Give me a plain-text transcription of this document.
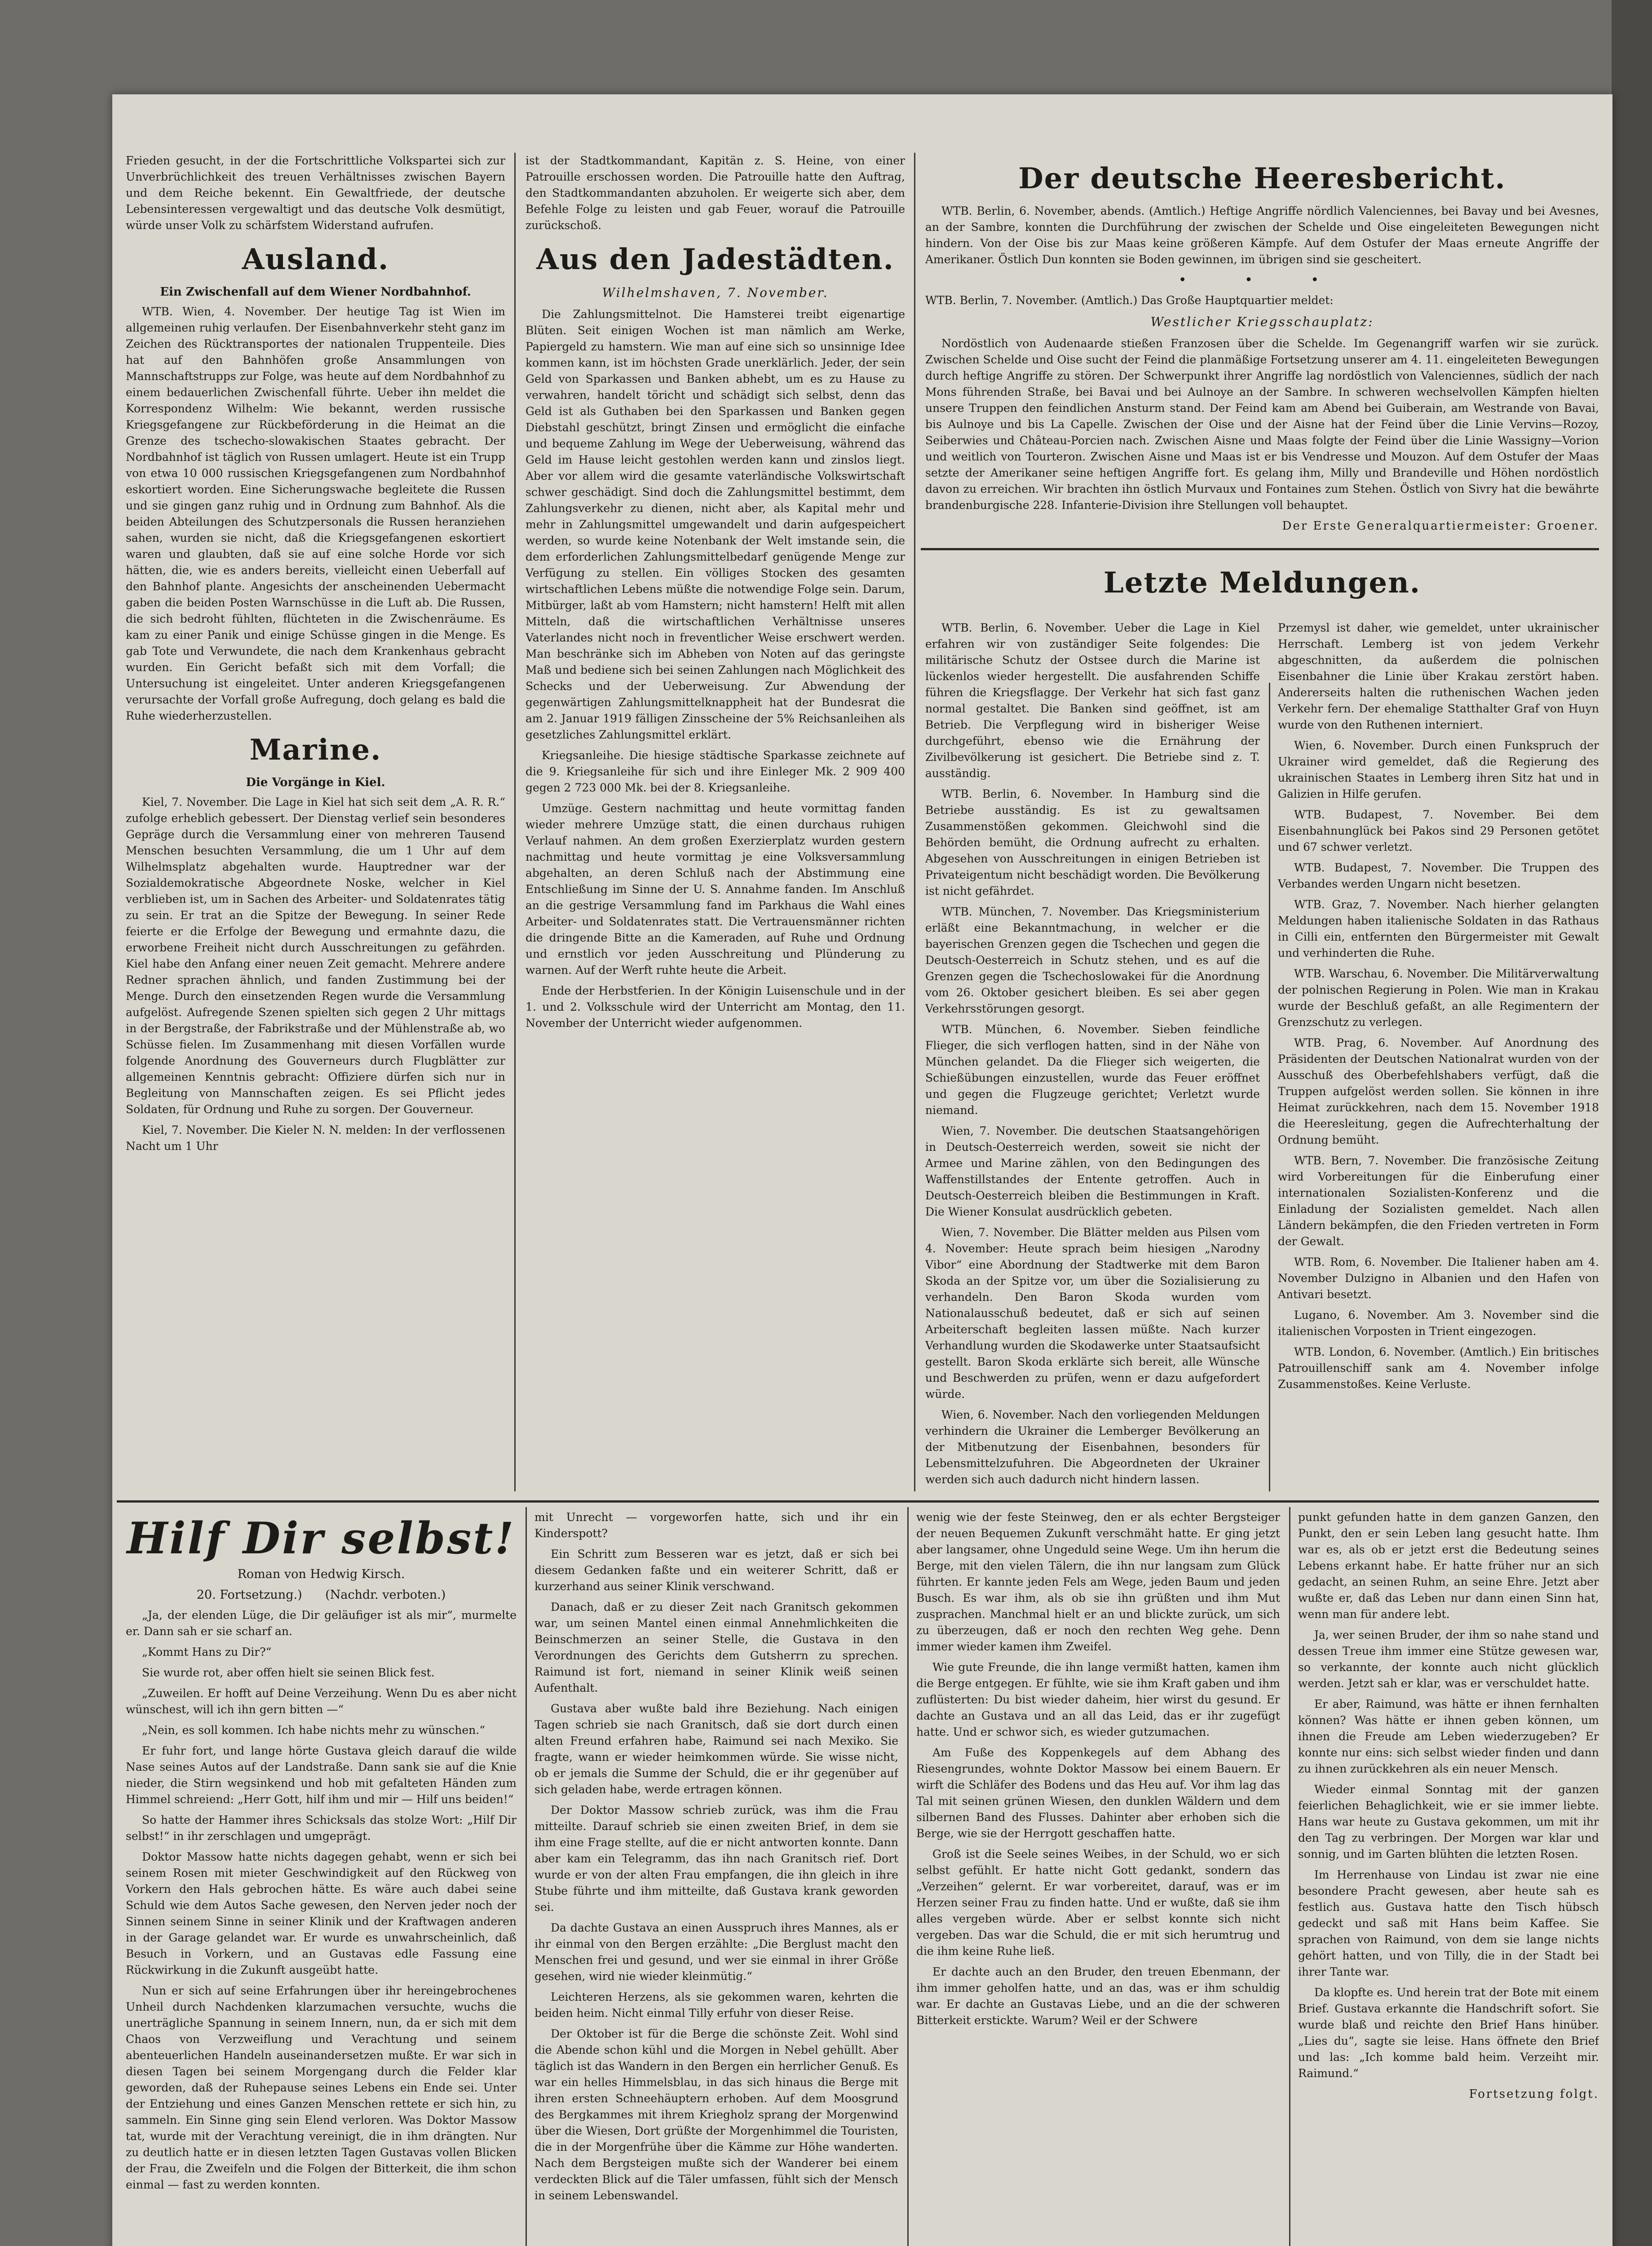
Frieden gesucht, in der die Fortschrittliche Volkspartei sich zur Unverbrüchlichkeit des treuen Verhältnisses zwischen Bayern und dem Reiche bekennt. Ein Gewaltfriede, der deutsche Lebensinteressen vergewaltigt und das deutsche Volk desmütigt, würde unser Volk zu schärfstem Widerstand aufrufen.

Ausland.
Ein Zwischenfall auf dem Wiener Nordbahnhof.

WTB. Wien, 4. November. Der heutige Tag ist Wien im allgemeinen ruhig verlaufen. Der Eisenbahnverkehr steht ganz im Zeichen des Rücktransportes der nationalen Truppenteile. Dies hat auf den Bahnhöfen große Ansammlungen von Mannschaftstrupps zur Folge, was heute auf dem Nordbahnhof zu einem bedauerlichen Zwischenfall führte. Ueber ihn meldet die Korrespondenz Wilhelm: Wie bekannt, werden russische Kriegsgefangene zur Rückbeförderung in die Heimat an die Grenze des tschecho-slowakischen Staates gebracht. Der Nordbahnhof ist täglich von Russen umlagert. Heute ist ein Trupp von etwa 10 000 russischen Kriegsgefangenen zum Nordbahnhof eskortiert worden. Eine Sicherungswache begleitete die Russen und sie gingen ganz ruhig und in Ordnung zum Bahnhof. Als die beiden Abteilungen des Schutzpersonals die Russen heranziehen sahen, wurden sie nicht, daß die Kriegsgefangenen eskortiert waren und glaubten, daß sie auf eine solche Horde vor sich hätten, die, wie es anders bereits, vielleicht einen Ueberfall auf den Bahnhof plante. Angesichts der anscheinenden Uebermacht gaben die beiden Posten Warnschüsse in die Luft ab. Die Russen, die sich bedroht fühlten, flüchteten in die Zwischenräume. Es kam zu einer Panik und einige Schüsse gingen in die Menge. Es gab Tote und Verwundete, die nach dem Krankenhaus gebracht wurden. Ein Gericht befaßt sich mit dem Vorfall; die Untersuchung ist eingeleitet. Unter anderen Kriegsgefangenen verursachte der Vorfall große Aufregung, doch gelang es bald die Ruhe wiederherzustellen.

Marine.
Die Vorgänge in Kiel.

Kiel, 7. November. Die Lage in Kiel hat sich seit dem „A. R. R.“ zufolge erheblich gebessert. Der Dienstag verlief sein besonderes Gepräge durch die Versammlung einer von mehreren Tausend Menschen besuchten Versammlung, die um 1 Uhr auf dem Wilhelmsplatz abgehalten wurde. Hauptredner war der Sozialdemokratische Abgeordnete Noske, welcher in Kiel verblieben ist, um in Sachen des Arbeiter- und Soldatenrates tätig zu sein. Er trat an die Spitze der Bewegung. In seiner Rede feierte er die Erfolge der Bewegung und ermahnte dazu, die erworbene Freiheit nicht durch Ausschreitungen zu gefährden. Kiel habe den Anfang einer neuen Zeit gemacht. Mehrere andere Redner sprachen ähnlich, und fanden Zustimmung bei der Menge. Durch den einsetzenden Regen wurde die Versammlung aufgelöst. Aufregende Szenen spielten sich gegen 2 Uhr mittags in der Bergstraße, der Fabrikstraße und der Mühlenstraße ab, wo Schüsse fielen. Im Zusammenhang mit diesen Vorfällen wurde folgende Anordnung des Gouverneurs durch Flugblätter zur allgemeinen Kenntnis gebracht: Offiziere dürfen sich nur in Begleitung von Mannschaften zeigen. Es sei Pflicht jedes Soldaten, für Ordnung und Ruhe zu sorgen. Der Gouverneur.

Kiel, 7. November. Die Kieler N. N. melden: In der verflossenen Nacht um 1 Uhr

ist der Stadtkommandant, Kapitän z. S. Heine, von einer Patrouille erschossen worden. Die Patrouille hatte den Auftrag, den Stadtkommandanten abzuholen. Er weigerte sich aber, dem Befehle Folge zu leisten und gab Feuer, worauf die Patrouille zurückschoß.

Aus den Jadestädten.
Wilhelmshaven, 7. November.

Die Zahlungsmittelnot. Die Hamsterei treibt eigenartige Blüten. Seit einigen Wochen ist man nämlich am Werke, Papiergeld zu hamstern. Wie man auf eine sich so unsinnige Idee kommen kann, ist im höchsten Grade unerklärlich. Jeder, der sein Geld von Sparkassen und Banken abhebt, um es zu Hause zu verwahren, handelt töricht und schädigt sich selbst, denn das Geld ist als Guthaben bei den Sparkassen und Banken gegen Diebstahl geschützt, bringt Zinsen und ermöglicht die einfache und bequeme Zahlung im Wege der Ueberweisung, während das Geld im Hause leicht gestohlen werden kann und zinslos liegt. Aber vor allem wird die gesamte vaterländische Volkswirtschaft schwer geschädigt. Sind doch die Zahlungsmittel bestimmt, dem Zahlungsverkehr zu dienen, nicht aber, als Kapital mehr und mehr in Zahlungsmittel umgewandelt und darin aufgespeichert werden, so wurde keine Notenbank der Welt imstande sein, die dem erforderlichen Zahlungsmittelbedarf genügende Menge zur Verfügung zu stellen. Ein völliges Stocken des gesamten wirtschaftlichen Lebens müßte die notwendige Folge sein. Darum, Mitbürger, laßt ab vom Hamstern; nicht hamstern! Helft mit allen Mitteln, daß die wirtschaftlichen Verhältnisse unseres Vaterlandes nicht noch in freventlicher Weise erschwert werden. Man beschränke sich im Abheben von Noten auf das geringste Maß und bediene sich bei seinen Zahlungen nach Möglichkeit des Schecks und der Ueberweisung. Zur Abwendung der gegenwärtigen Zahlungsmittelknappheit hat der Bundesrat die am 2. Januar 1919 fälligen Zinsscheine der 5% Reichsanleihen als gesetzliches Zahlungsmittel erklärt.

Kriegsanleihe. Die hiesige städtische Sparkasse zeichnete auf die 9. Kriegsanleihe für sich und ihre Einleger Mk. 2 909 400 gegen 2 723 000 Mk. bei der 8. Kriegsanleihe.

Umzüge. Gestern nachmittag und heute vormittag fanden wieder mehrere Umzüge statt, die einen durchaus ruhigen Verlauf nahmen. An dem großen Exerzierplatz wurden gestern nachmittag und heute vormittag je eine Volksversammlung abgehalten, an deren Schluß nach der Abstimmung eine Entschließung im Sinne der U. S. Annahme fanden. Im Anschluß an die gestrige Versammlung fand im Parkhaus die Wahl eines Arbeiter- und Soldatenrates statt. Die Vertrauensmänner richten die dringende Bitte an die Kameraden, auf Ruhe und Ordnung und ernstlich vor jeden Ausschreitung und Plünderung zu warnen. Auf der Werft ruhte heute die Arbeit.

Ende der Herbstferien. In der Königin Luisenschule und in der 1. und 2. Volksschule wird der Unterricht am Montag, den 11. November der Unterricht wieder aufgenommen.

Der deutsche Heeresbericht.

WTB. Berlin, 6. November, abends. (Amtlich.) Heftige Angriffe nördlich Valenciennes, bei Bavay und bei Avesnes, an der Sambre, konnten die Durchführung der zwischen der Schelde und Oise eingeleiteten Bewegungen nicht hindern. Von der Oise bis zur Maas keine größeren Kämpfe. Auf dem Ostufer der Maas erneute Angriffe der Amerikaner. Östlich Dun konnten sie Boden gewinnen, im übrigen sind sie gescheitert.

• • •

WTB. Berlin, 7. November. (Amtlich.) Das Große Hauptquartier meldet:

Westlicher Kriegsschauplatz:

Nordöstlich von Audenaarde stießen Franzosen über die Schelde. Im Gegenangriff warfen wir sie zurück. Zwischen Schelde und Oise sucht der Feind die planmäßige Fortsetzung unserer am 4. 11. eingeleiteten Bewegungen durch heftige Angriffe zu stören. Der Schwerpunkt ihrer Angriffe lag nordöstlich von Valenciennes, südlich der nach Mons führenden Straße, bei Bavai und bei Aulnoye an der Sambre. In schweren wechselvollen Kämpfen hielten unsere Truppen den feindlichen Ansturm stand. Der Feind kam am Abend bei Guiberain, am Westrande von Bavai, bis Aulnoye und bis La Capelle. Zwischen der Oise und der Aisne hat der Feind über die Linie Vervins—Rozoy, Seiberwies und Château-Porcien nach. Zwischen Aisne und Maas folgte der Feind über die Linie Wassigny—Vorion und weitlich von Tourteron. Zwischen Aisne und Maas ist er bis Vendresse und Mouzon. Auf dem Ostufer der Maas setzte der Amerikaner seine heftigen Angriffe fort. Es gelang ihm, Milly und Brandeville und Höhen nordöstlich davon zu erreichen. Wir brachten ihn östlich Murvaux und Fontaines zum Stehen. Östlich von Sivry hat die bewährte brandenburgische 228. Infanterie-Division ihre Stellungen voll behauptet.

Der Erste Generalquartiermeister: Groener.
Letzte Meldungen.

WTB. Berlin, 6. November. Ueber die Lage in Kiel erfahren wir von zuständiger Seite folgendes: Die militärische Schutz der Ostsee durch die Marine ist lückenlos wieder hergestellt. Die ausfahrenden Schiffe führen die Kriegsflagge. Der Verkehr hat sich fast ganz normal gestaltet. Die Banken sind geöffnet, ist am Betrieb. Die Verpflegung wird in bisheriger Weise durchgeführt, ebenso wie die Ernährung der Zivilbevölkerung ist gesichert. Die Betriebe sind z. T. ausständig.

WTB. Berlin, 6. November. In Hamburg sind die Betriebe ausständig. Es ist zu gewaltsamen Zusammenstößen gekommen. Gleichwohl sind die Behörden bemüht, die Ordnung aufrecht zu erhalten. Abgesehen von Ausschreitungen in einigen Betrieben ist Privateigentum nicht beschädigt worden. Die Bevölkerung ist nicht gefährdet.

WTB. München, 7. November. Das Kriegsministerium erläßt eine Bekanntmachung, in welcher er die bayerischen Grenzen gegen die Tschechen und gegen die Deutsch-Oesterreich in Schutz stehen, und es auf die Grenzen gegen die Tschechoslowakei für die Anordnung vom 26. Oktober gesichert bleiben. Es sei aber gegen Verkehrsstörungen gesorgt.

WTB. München, 6. November. Sieben feindliche Flieger, die sich verflogen hatten, sind in der Nähe von München gelandet. Da die Flieger sich weigerten, die Schießübungen einzustellen, wurde das Feuer eröffnet und gegen die Flugzeuge gerichtet; Verletzt wurde niemand.

Wien, 7. November. Die deutschen Staatsangehörigen in Deutsch-Oesterreich werden, soweit sie nicht der Armee und Marine zählen, von den Bedingungen des Waffenstillstandes der Entente getroffen. Auch in Deutsch-Oesterreich bleiben die Bestimmungen in Kraft. Die Wiener Konsulat ausdrücklich gebeten.

Wien, 7. November. Die Blätter melden aus Pilsen vom 4. November: Heute sprach beim hiesigen „Narodny Vibor“ eine Abordnung der Stadtwerke mit dem Baron Skoda an der Spitze vor, um über die Sozialisierung zu verhandeln. Den Baron Skoda wurden vom Nationalausschuß bedeutet, daß er sich auf seinen Arbeiterschaft begleiten lassen müßte. Nach kurzer Verhandlung wurden die Skodawerke unter Staatsaufsicht gestellt. Baron Skoda erklärte sich bereit, alle Wünsche und Beschwerden zu prüfen, wenn er dazu aufgefordert würde.

Wien, 6. November. Nach den vorliegenden Meldungen verhindern die Ukrainer die Lemberger Bevölkerung an der Mitbenutzung der Eisenbahnen, besonders für Lebensmittelzufuhren. Die Abgeordneten der Ukrainer werden sich auch dadurch nicht hindern lassen.

Przemysl ist daher, wie gemeldet, unter ukrainischer Herrschaft. Lemberg ist von jedem Verkehr abgeschnitten, da außerdem die polnischen Eisenbahner die Linie über Krakau zerstört haben. Andererseits halten die ruthenischen Wachen jeden Verkehr fern. Der ehemalige Statthalter Graf von Huyn wurde von den Ruthenen interniert.

Wien, 6. November. Durch einen Funkspruch der Ukrainer wird gemeldet, daß die Regierung des ukrainischen Staates in Lemberg ihren Sitz hat und in Galizien in Hilfe gerufen.

WTB. Budapest, 7. November. Bei dem Eisenbahnunglück bei Pakos sind 29 Personen getötet und 67 schwer verletzt.

WTB. Budapest, 7. November. Die Truppen des Verbandes werden Ungarn nicht besetzen.

WTB. Graz, 7. November. Nach hierher gelangten Meldungen haben italienische Soldaten in das Rathaus in Cilli ein, entfernten den Bürgermeister mit Gewalt und verhinderten die Ruhe.

WTB. Warschau, 6. November. Die Militärverwaltung der polnischen Regierung in Polen. Wie man in Krakau wurde der Beschluß gefaßt, an alle Regimentern der Grenzschutz zu verlegen.

WTB. Prag, 6. November. Auf Anordnung des Präsidenten der Deutschen Nationalrat wurden von der Ausschuß des Oberbefehlshabers verfügt, daß die Truppen aufgelöst werden sollen. Sie können in ihre Heimat zurückkehren, nach dem 15. November 1918 die Heeresleitung, gegen die Aufrechterhaltung der Ordnung bemüht.

WTB. Bern, 7. November. Die französische Zeitung wird Vorbereitungen für die Einberufung einer internationalen Sozialisten-Konferenz und die Einladung der Sozialisten gemeldet. Nach allen Ländern bekämpfen, die den Frieden vertreten in Form der Gewalt.

WTB. Rom, 6. November. Die Italiener haben am 4. November Dulzigno in Albanien und den Hafen von Antivari besetzt.

Lugano, 6. November. Am 3. November sind die italienischen Vorposten in Trient eingezogen.

WTB. London, 6. November. (Amtlich.) Ein britisches Patrouillenschiff sank am 4. November infolge Zusammenstoßes. Keine Verluste.

Hilf Dir selbst!
Roman von Hedwig Kirsch.
20. Fortsetzung.) (Nachdr. verboten.)

„Ja, der elenden Lüge, die Dir geläufiger ist als mir“, murmelte er. Dann sah er sie scharf an.

„Kommt Hans zu Dir?“

Sie wurde rot, aber offen hielt sie seinen Blick fest.

„Zuweilen. Er hofft auf Deine Verzeihung. Wenn Du es aber nicht wünschest, will ich ihn gern bitten —“

„Nein, es soll kommen. Ich habe nichts mehr zu wünschen.“

Er fuhr fort, und lange hörte Gustava gleich darauf die wilde Nase seines Autos auf der Landstraße. Dann sank sie auf die Knie nieder, die Stirn wegsinkend und hob mit gefalteten Händen zum Himmel schreiend: „Herr Gott, hilf ihm und mir — Hilf uns beiden!“

So hatte der Hammer ihres Schicksals das stolze Wort: „Hilf Dir selbst!“ in ihr zerschlagen und umgeprägt.

Doktor Massow hatte nichts dagegen gehabt, wenn er sich bei seinem Rosen mit mieter Geschwindigkeit auf den Rückweg von Vorkern den Hals gebrochen hätte. Es wäre auch dabei seine Schuld wie dem Autos Sache gewesen, den Nerven jeder noch der Sinnen seinem Sinne in seiner Klinik und der Kraftwagen anderen in der Garage gelandet war. Er wurde es unwahrscheinlich, daß Besuch in Vorkern, und an Gustavas edle Fassung eine Rückwirkung in die Zukunft ausgeübt hatte.

Nun er sich auf seine Erfahrungen über ihr hereingebrochenes Unheil durch Nachdenken klarzumachen versuchte, wuchs die unerträgliche Spannung in seinem Innern, nun, da er sich mit dem Chaos von Verzweiflung und Verachtung und seinem abenteuerlichen Handeln auseinandersetzen mußte. Er war sich in diesen Tagen bei seinem Morgengang durch die Felder klar geworden, daß der Ruhepause seines Lebens ein Ende sei. Unter der Entziehung und eines Ganzen Menschen rettete er sich hin, zu sammeln. Ein Sinne ging sein Elend verloren. Was Doktor Massow tat, wurde mit der Verachtung vereinigt, die in ihm drängten. Nur zu deutlich hatte er in diesen letzten Tagen Gustavas vollen Blicken der Frau, die Zweifeln und die Folgen der Bitterkeit, die ihm schon einmal — fast zu werden konnten.

mit Unrecht — vorgeworfen hatte, sich und ihr ein Kinderspott?

Ein Schritt zum Besseren war es jetzt, daß er sich bei diesem Gedanken faßte und ein weiterer Schritt, daß er kurzerhand aus seiner Klinik verschwand.

Danach, daß er zu dieser Zeit nach Granitsch gekommen war, um seinen Mantel einen einmal Annehmlichkeiten die Beinschmerzen an seiner Stelle, die Gustava in den Verordnungen des Gerichts dem Gutsherrn zu sprechen. Raimund ist fort, niemand in seiner Klinik weiß seinen Aufenthalt.

Gustava aber wußte bald ihre Beziehung. Nach einigen Tagen schrieb sie nach Granitsch, daß sie dort durch einen alten Freund erfahren habe, Raimund sei nach Mexiko. Sie fragte, wann er wieder heimkommen würde. Sie wisse nicht, ob er jemals die Summe der Schuld, die er ihr gegenüber auf sich geladen habe, werde ertragen können.

Der Doktor Massow schrieb zurück, was ihm die Frau mitteilte. Darauf schrieb sie einen zweiten Brief, in dem sie ihm eine Frage stellte, auf die er nicht antworten konnte. Dann aber kam ein Telegramm, das ihn nach Granitsch rief. Dort wurde er von der alten Frau empfangen, die ihn gleich in ihre Stube führte und ihm mitteilte, daß Gustava krank geworden sei.

Da dachte Gustava an einen Ausspruch ihres Mannes, als er ihr einmal von den Bergen erzählte: „Die Berglust macht den Menschen frei und gesund, und wer sie einmal in ihrer Größe gesehen, wird nie wieder kleinmütig.“

Leichteren Herzens, als sie gekommen waren, kehrten die beiden heim. Nicht einmal Tilly erfuhr von dieser Reise.

Der Oktober ist für die Berge die schönste Zeit. Wohl sind die Abende schon kühl und die Morgen in Nebel gehüllt. Aber täglich ist das Wandern in den Bergen ein herrlicher Genuß. Es war ein helles Himmelsblau, in das sich hinaus die Berge mit ihren ersten Schneehäuptern erhoben. Auf dem Moosgrund des Bergkammes mit ihrem Kriegholz sprang der Morgenwind über die Wiesen, Dort grüßte der Morgenhimmel die Touristen, die in der Morgenfrühe über die Kämme zur Höhe wanderten. Nach dem Bergsteigen mußte sich der Wanderer bei einem verdeckten Blick auf die Täler umfassen, fühlt sich der Mensch in seinem Lebenswandel.

wenig wie der feste Steinweg, den er als echter Bergsteiger der neuen Bequemen Zukunft verschmäht hatte. Er ging jetzt aber langsamer, ohne Ungeduld seine Wege. Um ihn herum die Berge, mit den vielen Tälern, die ihn nur langsam zum Glück führten. Er kannte jeden Fels am Wege, jeden Baum und jeden Busch. Es war ihm, als ob sie ihn grüßten und ihm Mut zusprachen. Manchmal hielt er an und blickte zurück, um sich zu überzeugen, daß er noch den rechten Weg gehe. Denn immer wieder kamen ihm Zweifel.

Wie gute Freunde, die ihn lange vermißt hatten, kamen ihm die Berge entgegen. Er fühlte, wie sie ihm Kraft gaben und ihm zuflüsterten: Du bist wieder daheim, hier wirst du gesund. Er dachte an Gustava und an all das Leid, das er ihr zugefügt hatte. Und er schwor sich, es wieder gutzumachen.

Am Fuße des Koppenkegels auf dem Abhang des Riesengrundes, wohnte Doktor Massow bei einem Bauern. Er wirft die Schläfer des Bodens und das Heu auf. Vor ihm lag das Tal mit seinen grünen Wiesen, den dunklen Wäldern und dem silbernen Band des Flusses. Dahinter aber erhoben sich die Berge, wie sie der Herrgott geschaffen hatte.

Groß ist die Seele seines Weibes, in der Schuld, wo er sich selbst gefühlt. Er hatte nicht Gott gedankt, sondern das „Verzeihen“ gelernt. Er war vorbereitet, darauf, was er im Herzen seiner Frau zu finden hatte. Und er wußte, daß sie ihm alles vergeben würde. Aber er selbst konnte sich nicht vergeben. Das war die Schuld, die er mit sich herumtrug und die ihm keine Ruhe ließ.

Er dachte auch an den Bruder, den treuen Ebenmann, der ihm immer geholfen hatte, und an das, was er ihm schuldig war. Er dachte an Gustavas Liebe, und an die der schweren Bitterkeit erstickte. Warum? Weil er der Schwere

punkt gefunden hatte in dem ganzen Ganzen, den Punkt, den er sein Leben lang gesucht hatte. Ihm war es, als ob er jetzt erst die Bedeutung seines Lebens erkannt habe. Er hatte früher nur an sich gedacht, an seinen Ruhm, an seine Ehre. Jetzt aber wußte er, daß das Leben nur dann einen Sinn hat, wenn man für andere lebt.

Ja, wer seinen Bruder, der ihm so nahe stand und dessen Treue ihm immer eine Stütze gewesen war, so verkannte, der konnte auch nicht glücklich werden. Jetzt sah er klar, was er verschuldet hatte.

Er aber, Raimund, was hätte er ihnen fernhalten können? Was hätte er ihnen geben können, um ihnen die Freude am Leben wiederzugeben? Er konnte nur eins: sich selbst wieder finden und dann zu ihnen zurückkehren als ein neuer Mensch.

Wieder einmal Sonntag mit der ganzen feierlichen Behaglichkeit, wie er sie immer liebte. Hans war heute zu Gustava gekommen, um mit ihr den Tag zu verbringen. Der Morgen war klar und sonnig, und im Garten blühten die letzten Rosen.

Im Herrenhause von Lindau ist zwar nie eine besondere Pracht gewesen, aber heute sah es festlich aus. Gustava hatte den Tisch hübsch gedeckt und saß mit Hans beim Kaffee. Sie sprachen von Raimund, von dem sie lange nichts gehört hatten, und von Tilly, die in der Stadt bei ihrer Tante war.

Da klopfte es. Und herein trat der Bote mit einem Brief. Gustava erkannte die Handschrift sofort. Sie wurde blaß und reichte den Brief Hans hinüber. „Lies du“, sagte sie leise. Hans öffnete den Brief und las: „Ich komme bald heim. Verzeiht mir. Raimund.“

Fortsetzung folgt.
